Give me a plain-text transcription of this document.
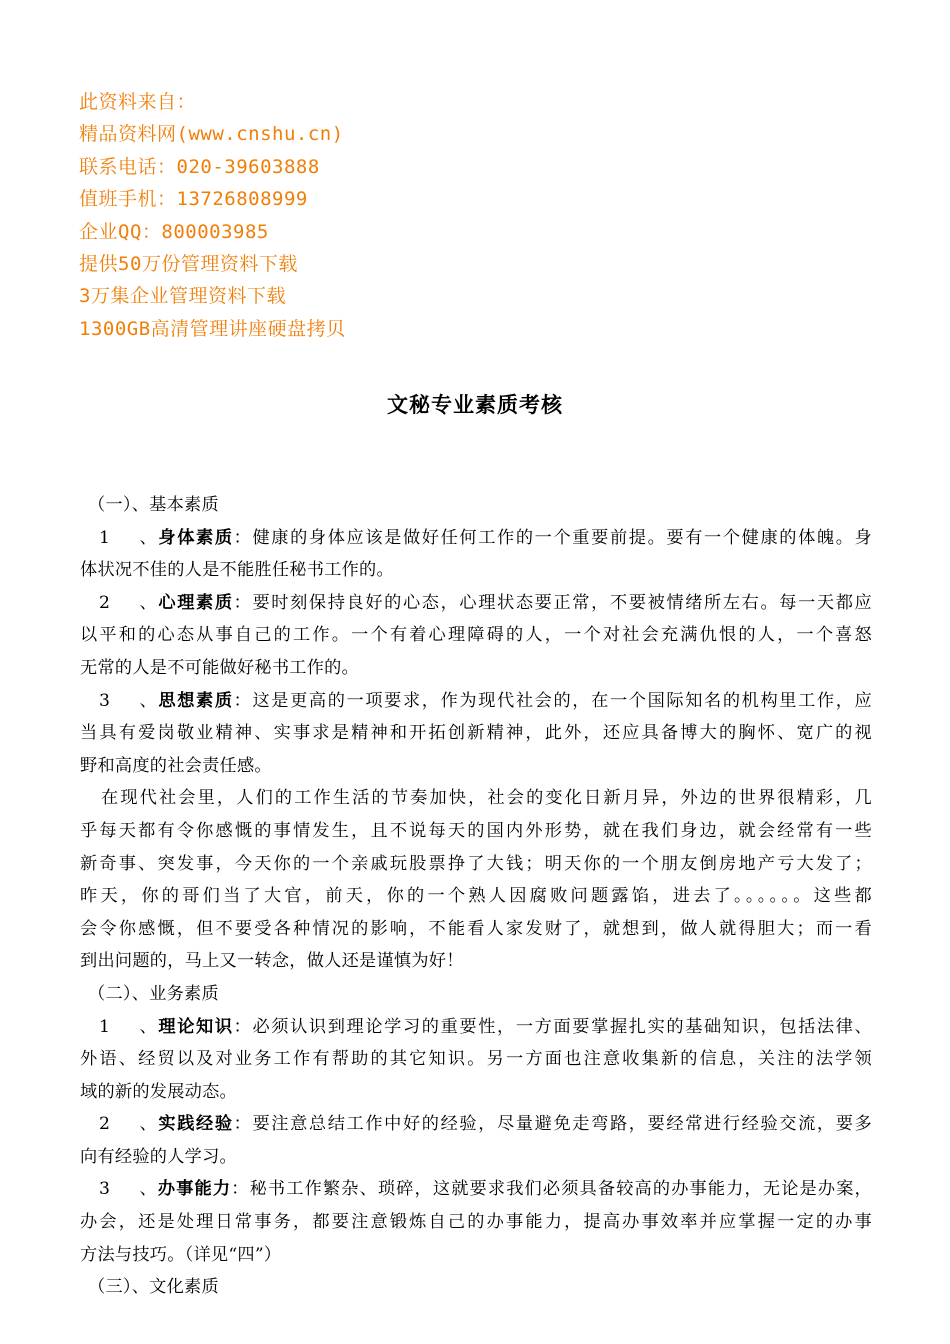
此资料来自：
精品资料网(www.cnshu.cn)
联系电话：020-39603888
值班手机：13726808999
企业QQ：800003985
提供50万份管理资料下载
3万集企业管理资料下载
1300GB高清管理讲座硬盘拷贝
文秘专业素质考核
（一）、基本素质
1、身体素质：健康的身体应该是做好任何工作的一个重要前提。要有一个健康的体魄。身
体状况不佳的人是不能胜任秘书工作的。
2、心理素质：要时刻保持良好的心态，心理状态要正常，不要被情绪所左右。每一天都应
以平和的心态从事自己的工作。一个有着心理障碍的人，一个对社会充满仇恨的人，一个喜怒
无常的人是不可能做好秘书工作的。
3、思想素质：这是更高的一项要求，作为现代社会的，在一个国际知名的机构里工作，应
当具有爱岗敬业精神、实事求是精神和开拓创新精神，此外，还应具备博大的胸怀、宽广的视
野和高度的社会责任感。
在现代社会里，人们的工作生活的节奏加快，社会的变化日新月异，外边的世界很精彩，几
乎每天都有令你感慨的事情发生，且不说每天的国内外形势，就在我们身边，就会经常有一些
新奇事、突发事，今天你的一个亲戚玩股票挣了大钱；明天你的一个朋友倒房地产亏大发了；
昨天，你的哥们当了大官，前天，你的一个熟人因腐败问题露馅，进去了。。。。。。这些都
会令你感慨，但不要受各种情况的影响，不能看人家发财了，就想到，做人就得胆大；而一看
到出问题的，马上又一转念，做人还是谨慎为好！
（二）、业务素质
1、理论知识：必须认识到理论学习的重要性，一方面要掌握扎实的基础知识，包括法律、
外语、经贸以及对业务工作有帮助的其它知识。另一方面也注意收集新的信息，关注的法学领
域的新的发展动态。
2、实践经验：要注意总结工作中好的经验，尽量避免走弯路，要经常进行经验交流，要多
向有经验的人学习。
3、办事能力：秘书工作繁杂、琐碎，这就要求我们必须具备较高的办事能力，无论是办案，
办会，还是处理日常事务，都要注意锻炼自己的办事能力，提高办事效率并应掌握一定的办事
方法与技巧。（详见“四”）
（三）、文化素质
